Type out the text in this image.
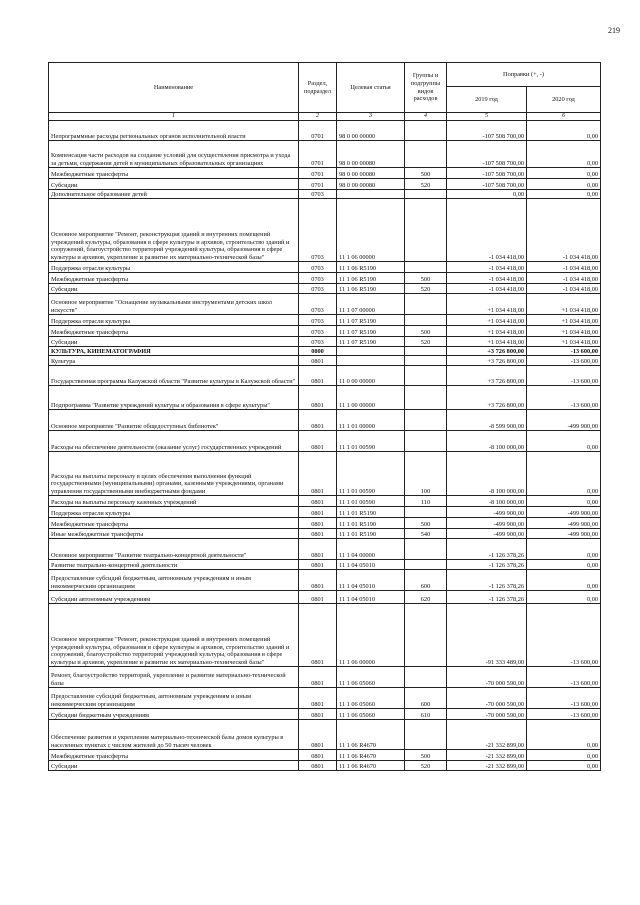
219
Наименование	Раздел, подраздел	Целевая статья	Группы и подгруппы видов расходов	Поправки (+, -)	
				2019 год	2020 год
1	2	3	4	5	6
Непрограммные расходы региональных органов исполнительной власти	0701	98 0 00 00000		-107 508 700,00	0,00
Компенсация части расходов на создание условий для осуществления присмотра и ухода за детьми, содержания детей в муниципальных образовательных организациях	0701	98 0 00 00080		-107 508 700,00	0,00
Межбюджетные трансферты	0701	98 0 00 00080	500	-107 508 700,00	0,00
Субсидии	0701	98 0 00 00080	520	-107 508 700,00	0,00
Дополнительное образование детей	0703			0,00	0,00
Основное мероприятие "Ремонт, реконструкция зданий и внутренних помещений учреждений культуры, образования в сфере культуры и архивов, строительство зданий и сооружений, благоустройство территорий учреждений культуры, образования в сфере культуры и архивов, укрепление и развитие их материально-технической базы"	0703	11 1 06 00000		-1 034 418,00	-1 034 418,00
Поддержка отрасли культуры	0703	11 1 06 R5190		-1 034 418,00	-1 034 418,00
Межбюджетные трансферты	0703	11 1 06 R5190	500	-1 034 418,00	-1 034 418,00
Субсидии	0703	11 1 06 R5190	520	-1 034 418,00	-1 034 418,00
Основное мероприятие "Оснащение музыкальными инструментами детских школ искусств"	0703	11 1 07 00000		+1 034 418,00	+1 034 418,00
Поддержка отрасли культуры	0703	11 1 07 R5190		+1 034 418,00	+1 034 418,00
Межбюджетные трансферты	0703	11 1 07 R5190	500	+1 034 418,00	+1 034 418,00
Субсидии	0703	11 1 07 R5190	520	+1 034 418,00	+1 034 418,00
КУЛЬТУРА, КИНЕМАТОГРАФИЯ	0800			+3 726 800,00	-13 600,00
Культура	0801			+3 726 800,00	-13 600,00
Государственная программа Калужской области "Развитие культуры в Калужской области"	0801	11 0 00 00000		+3 726 800,00	-13 600,00
Подпрограмма "Развитие учреждений культуры и образования в сфере культуры"	0801	11 1 00 00000		+3 726 800,00	-13 600,00
Основное мероприятие "Развитие общедоступных библиотек"	0801	11 1 01 00000		-8 599 900,00	-499 900,00
Расходы на обеспечение деятельности (оказание услуг) государственных учреждений	0801	11 1 01 00590		-8 100 000,00	0,00
Расходы на выплаты персоналу в целях обеспечения выполнения функций государственными (муниципальными) органами, казенными учреждениями, органами управления государственными внебюджетными фондами	0801	11 1 01 00590	100	-8 100 000,00	0,00
Расходы на выплаты персоналу казенных учреждений	0801	11 1 01 00590	110	-8 100 000,00	0,00
Поддержка отрасли культуры	0801	11 1 01 R5190		-499 900,00	-499 900,00
Межбюджетные трансферты	0801	11 1 01 R5190	500	-499 900,00	-499 900,00
Иные межбюджетные трансферты	0801	11 1 01 R5190	540	-499 900,00	-499 900,00
Основное мероприятие "Развитие театрально-концертной деятельности"	0801	11 1 04 00000		-1 126 378,26	0,00
Развитие театрально-концертной деятельности	0801	11 1 04 05010		-1 126 378,26	0,00
Предоставление субсидий бюджетным, автономным учреждениям и иным некоммерческим организациям	0801	11 1 04 05010	600	-1 126 378,26	0,00
Субсидии автономным учреждениям	0801	11 1 04 05010	620	-1 126 378,26	0,00
Основное мероприятие "Ремонт, реконструкция зданий и внутренних помещений учреждений культуры, образования в сфере культуры и архивов, строительство зданий и сооружений, благоустройство территорий учреждений культуры, образования в сфере культуры и архивов, укрепление и развитие их материально-технической базы"	0801	11 1 06 00000		-91 333 489,00	-13 600,00
Ремонт, благоустройство территорий, укрепление и развитие материально-технической базы	0801	11 1 06 05060		-70 000 590,00	-13 600,00
Предоставление субсидий бюджетным, автономным учреждениям и иным некоммерческим организациям	0801	11 1 06 05060	600	-70 000 590,00	-13 600,00
Субсидии бюджетным учреждениям	0801	11 1 06 05060	610	-70 000 590,00	-13 600,00
Обеспечение развития и укрепления материально-технической базы домов культуры в населенных пунктах с числом жителей до 50 тысяч человек	0801	11 1 06 R4670		-21 332 899,00	0,00
Межбюджетные трансферты	0801	11 1 06 R4670	500	-21 332 899,00	0,00
Субсидии	0801	11 1 06 R4670	520	-21 332 899,00	0,00
